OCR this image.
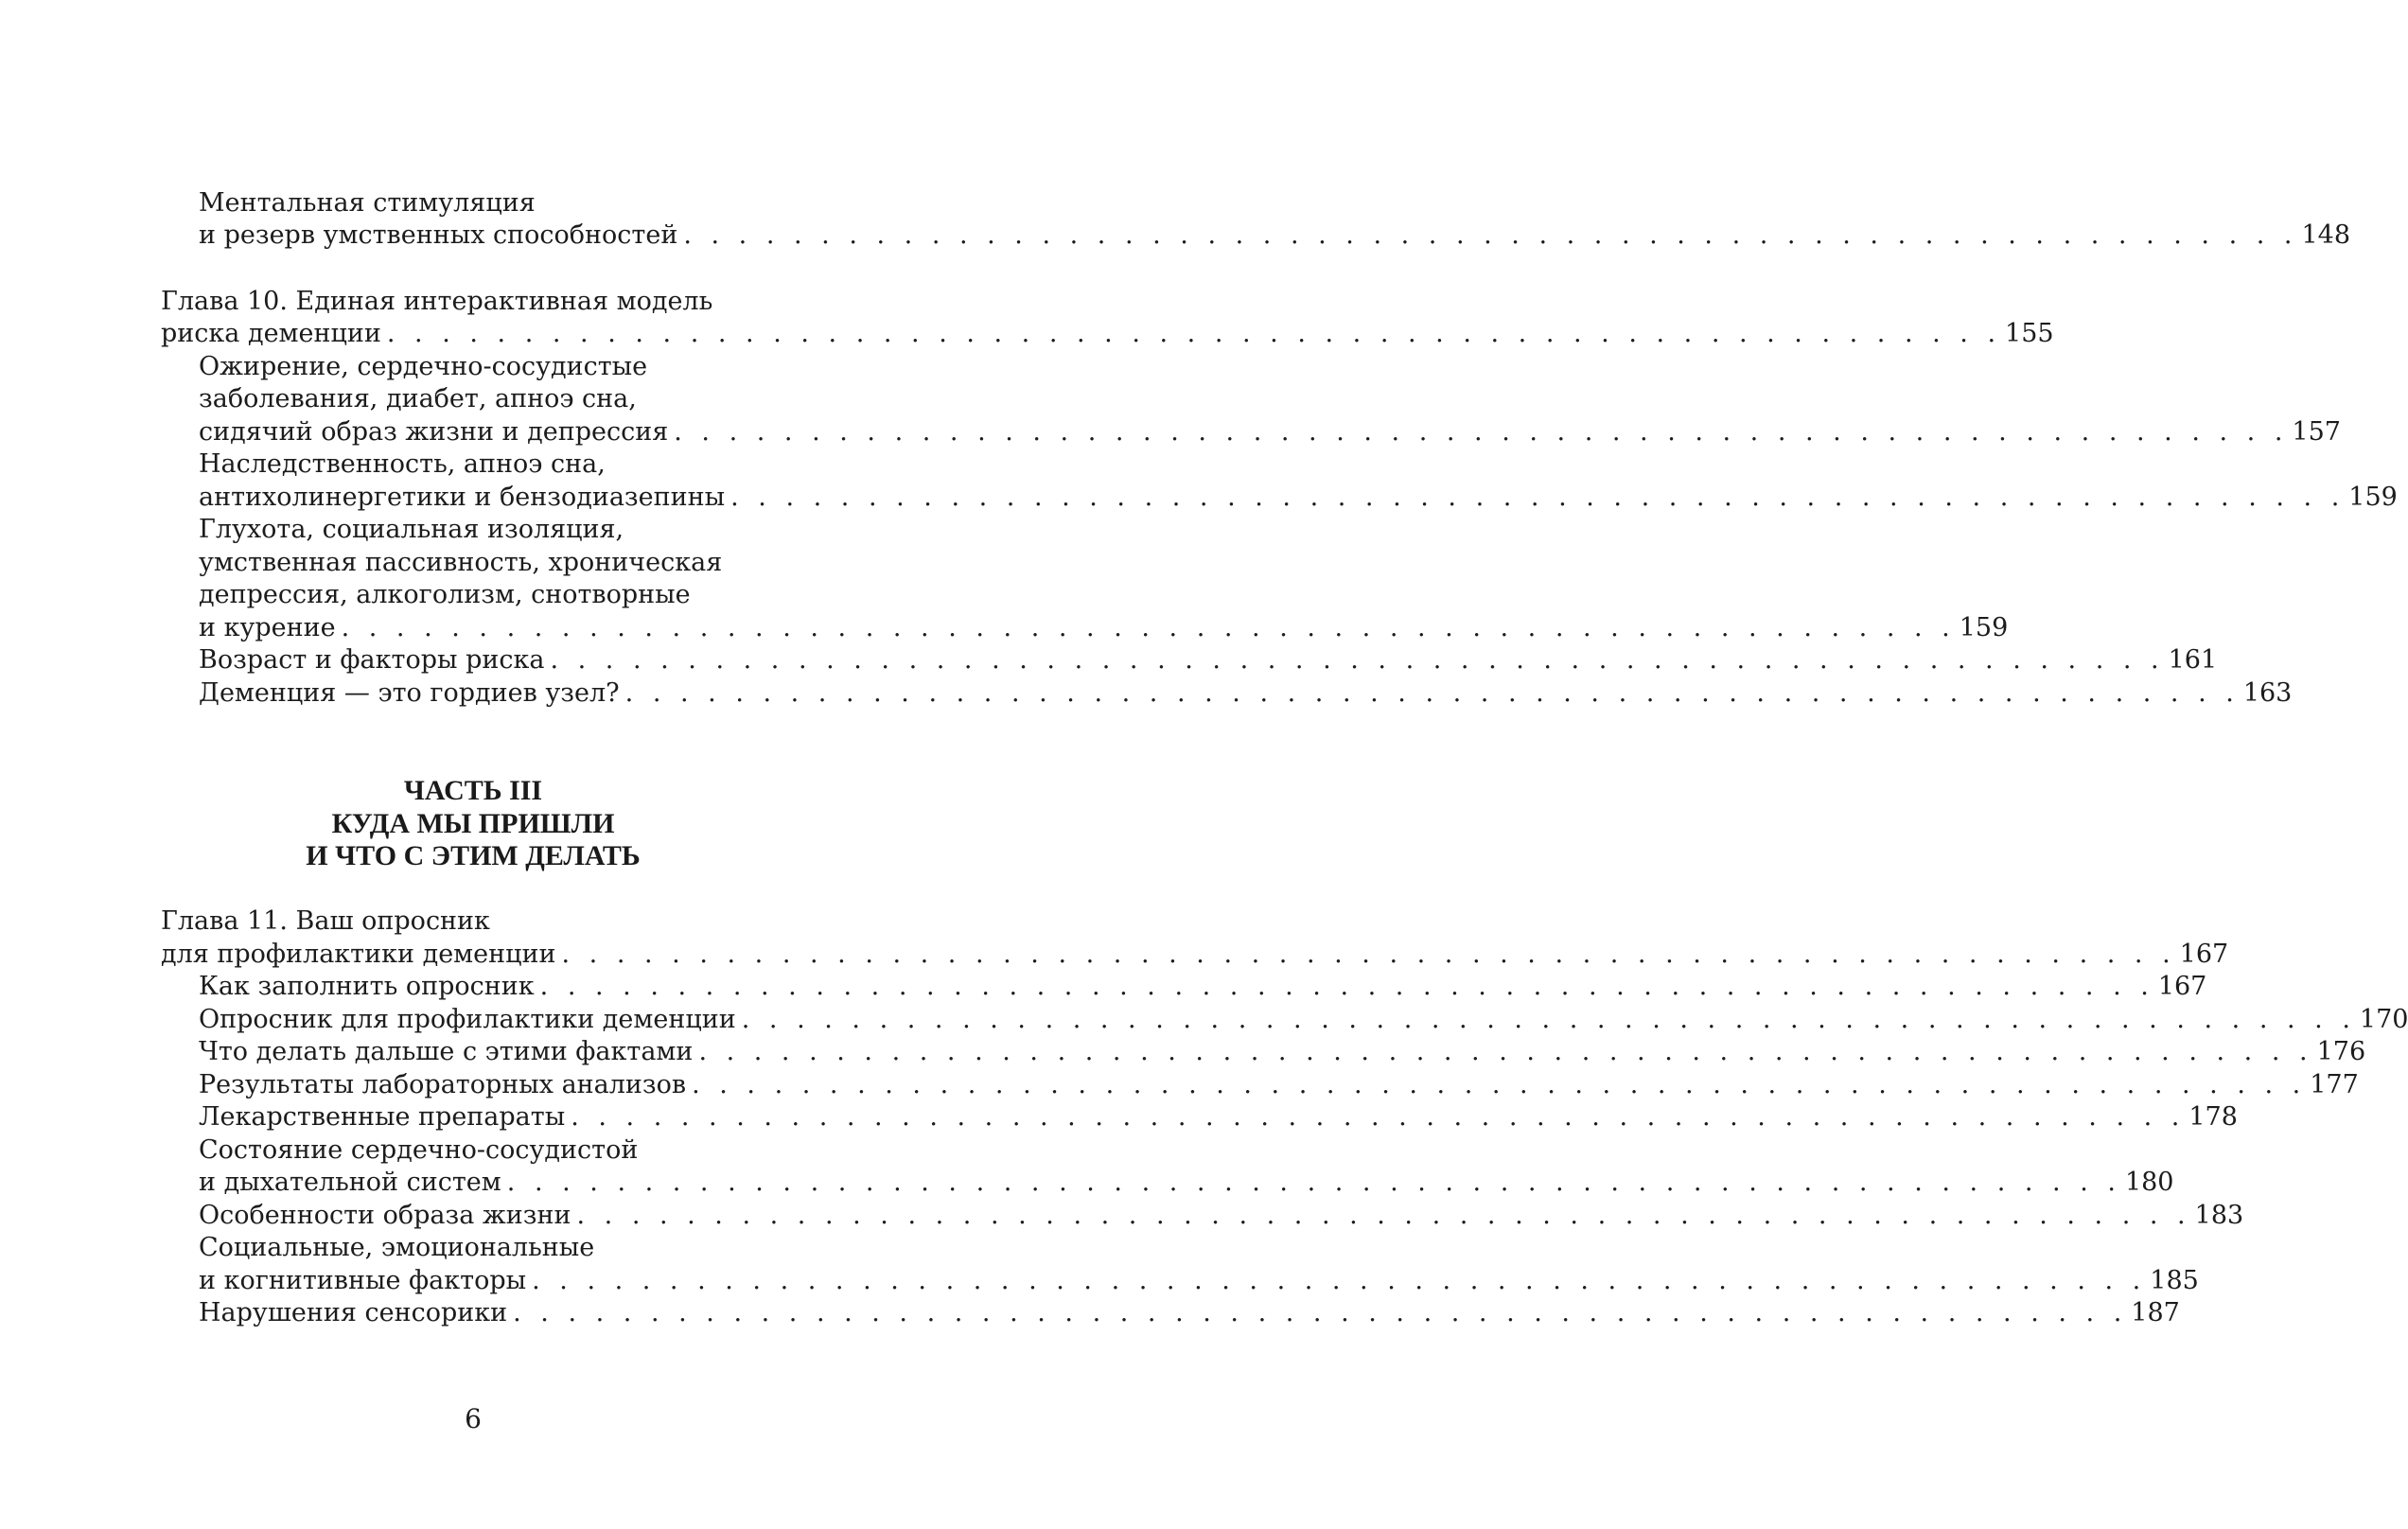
Ментальная стимуляция
и резерв умственных способностей . . . . . . . . . . . . . . . . . . . . . . . . . . . . . . . . . . . . . . . . . . . . . . . . . . . . . . . . . . . 148
Глава 10. Единая интерактивная модель
риска деменции . . . . . . . . . . . . . . . . . . . . . . . . . . . . . . . . . . . . . . . . . . . . . . . . . . . . . . . . . . . 155
Ожирение, сердечно-сосудистые
заболевания, диабет, апноэ сна,
сидячий образ жизни и депрессия . . . . . . . . . . . . . . . . . . . . . . . . . . . . . . . . . . . . . . . . . . . . . . . . . . . . . . . . . . . 157
Наследственность, апноэ сна,
антихолинергетики и бензодиазепины . . . . . . . . . . . . . . . . . . . . . . . . . . . . . . . . . . . . . . . . . . . . . . . . . . . . . . . . . . . 159
Глухота, социальная изоляция,
умственная пассивность, хроническая
депрессия, алкоголизм, снотворные
и курение . . . . . . . . . . . . . . . . . . . . . . . . . . . . . . . . . . . . . . . . . . . . . . . . . . . . . . . . . . . 159
Возраст и факторы риска . . . . . . . . . . . . . . . . . . . . . . . . . . . . . . . . . . . . . . . . . . . . . . . . . . . . . . . . . . . 161
Деменция — это гордиев узел? . . . . . . . . . . . . . . . . . . . . . . . . . . . . . . . . . . . . . . . . . . . . . . . . . . . . . . . . . . . 163
ЧАСТЬ III
КУДА МЫ ПРИШЛИ
И ЧТО С ЭТИМ ДЕЛАТЬ
Глава 11. Ваш опросник
для профилактики деменции . . . . . . . . . . . . . . . . . . . . . . . . . . . . . . . . . . . . . . . . . . . . . . . . . . . . . . . . . . . 167
Как заполнить опросник . . . . . . . . . . . . . . . . . . . . . . . . . . . . . . . . . . . . . . . . . . . . . . . . . . . . . . . . . . . 167
Опросник для профилактики деменции . . . . . . . . . . . . . . . . . . . . . . . . . . . . . . . . . . . . . . . . . . . . . . . . . . . . . . . . . . . 170
Что делать дальше с этими фактами . . . . . . . . . . . . . . . . . . . . . . . . . . . . . . . . . . . . . . . . . . . . . . . . . . . . . . . . . . . 176
Результаты лабораторных анализов . . . . . . . . . . . . . . . . . . . . . . . . . . . . . . . . . . . . . . . . . . . . . . . . . . . . . . . . . . . 177
Лекарственные препараты . . . . . . . . . . . . . . . . . . . . . . . . . . . . . . . . . . . . . . . . . . . . . . . . . . . . . . . . . . . 178
Состояние сердечно-сосудистой
и дыхательной систем . . . . . . . . . . . . . . . . . . . . . . . . . . . . . . . . . . . . . . . . . . . . . . . . . . . . . . . . . . . 180
Особенности образа жизни . . . . . . . . . . . . . . . . . . . . . . . . . . . . . . . . . . . . . . . . . . . . . . . . . . . . . . . . . . . 183
Социальные, эмоциональные
и когнитивные факторы . . . . . . . . . . . . . . . . . . . . . . . . . . . . . . . . . . . . . . . . . . . . . . . . . . . . . . . . . . . 185
Нарушения сенсорики . . . . . . . . . . . . . . . . . . . . . . . . . . . . . . . . . . . . . . . . . . . . . . . . . . . . . . . . . . . 187
6
